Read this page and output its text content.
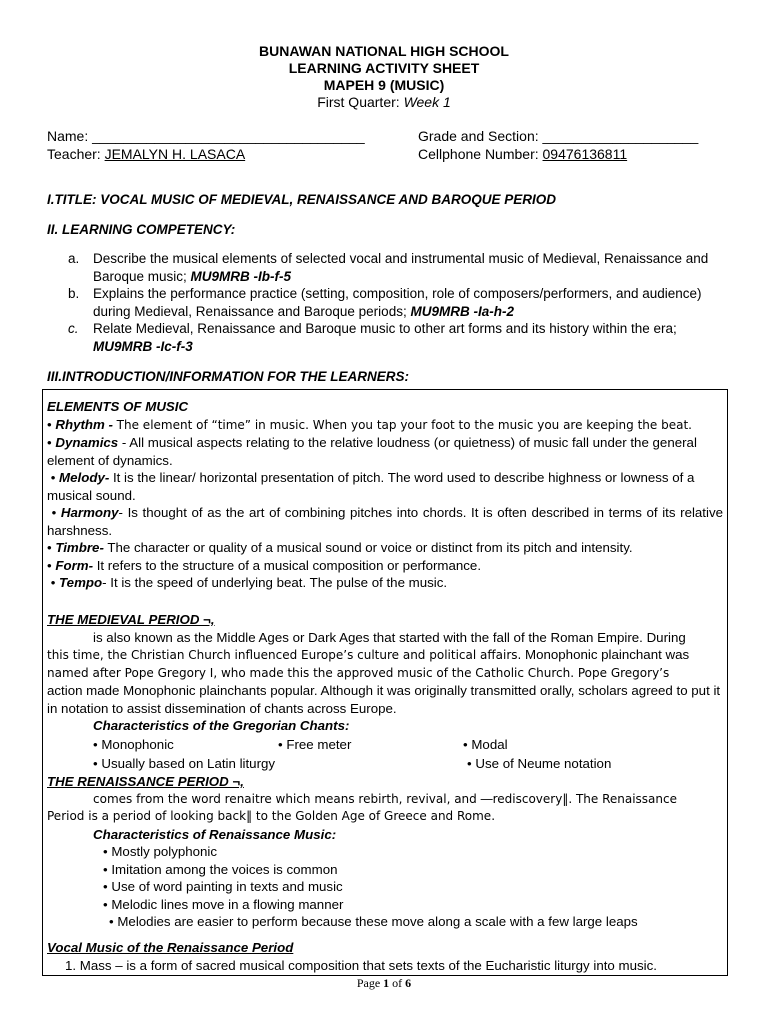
BUNAWAN NATIONAL HIGH SCHOOL
LEARNING ACTIVITY SHEET
MAPEH 9 (MUSIC)
First Quarter: Week 1
Name: ___________________________________	Grade and Section: ____________________
Teacher: JEMALYN H. LASACA	Cellphone Number: 09476136811
I.TITLE: VOCAL MUSIC OF MEDIEVAL, RENAISSANCE AND BAROQUE PERIOD
II. LEARNING COMPETENCY:
a.	Describe the musical elements of selected vocal and instrumental music of Medieval, Renaissance and Baroque music; MU9MRB -Ib-f-5
b.	Explains the performance practice (setting, composition, role of composers/performers, and audience) during Medieval, Renaissance and Baroque periods; MU9MRB -Ia-h-2
c.	Relate Medieval, Renaissance and Baroque music to other art forms and its history within the era; MU9MRB -Ic-f-3
III.INTRODUCTION/INFORMATION FOR THE LEARNERS:
ELEMENTS OF MUSIC
• Rhythm - The element of “time” in music. When you tap your foot to the music you are keeping the beat.
• Dynamics - All musical aspects relating to the relative loudness (or quietness) of music fall under the general element of dynamics.
• Melody- It is the linear/ horizontal presentation of pitch. The word used to describe highness or lowness of a musical sound.
• Harmony- Is thought of as the art of combining pitches into chords. It is often described in terms of its relative harshness.
• Timbre- The character or quality of a musical sound or voice or distinct from its pitch and intensity.
• Form- It refers to the structure of a musical composition or performance.
• Tempo- It is the speed of underlying beat. The pulse of the music.
THE MEDIEVAL PERIOD ¬,
is also known as the Middle Ages or Dark Ages that started with the fall of the Roman Empire. During
this time, the Christian Church influenced Europe’s culture and political affairs. Monophonic plainchant was
named after Pope Gregory I, who made this the approved music of the Catholic Church. Pope Gregory’s
action made Monophonic plainchants popular. Although it was originally transmitted orally, scholars agreed to put it in notation to assist dissemination of chants across Europe.
Characteristics of the Gregorian Chants:
• Monophonic	• Free meter	• Modal
• Usually based on Latin liturgy	• Use of Neume notation
THE RENAISSANCE PERIOD ¬,
comes from the word renaitre which means rebirth, revival, and ―rediscovery‖. The Renaissance
Period is a period of looking back‖ to the Golden Age of Greece and Rome.
Characteristics of Renaissance Music:
• Mostly polyphonic
• Imitation among the voices is common
• Use of word painting in texts and music
• Melodic lines move in a flowing manner
• Melodies are easier to perform because these move along a scale with a few large leaps
Vocal Music of the Renaissance Period
1. Mass – is a form of sacred musical composition that sets texts of the Eucharistic liturgy into music.
Page 1 of 6
